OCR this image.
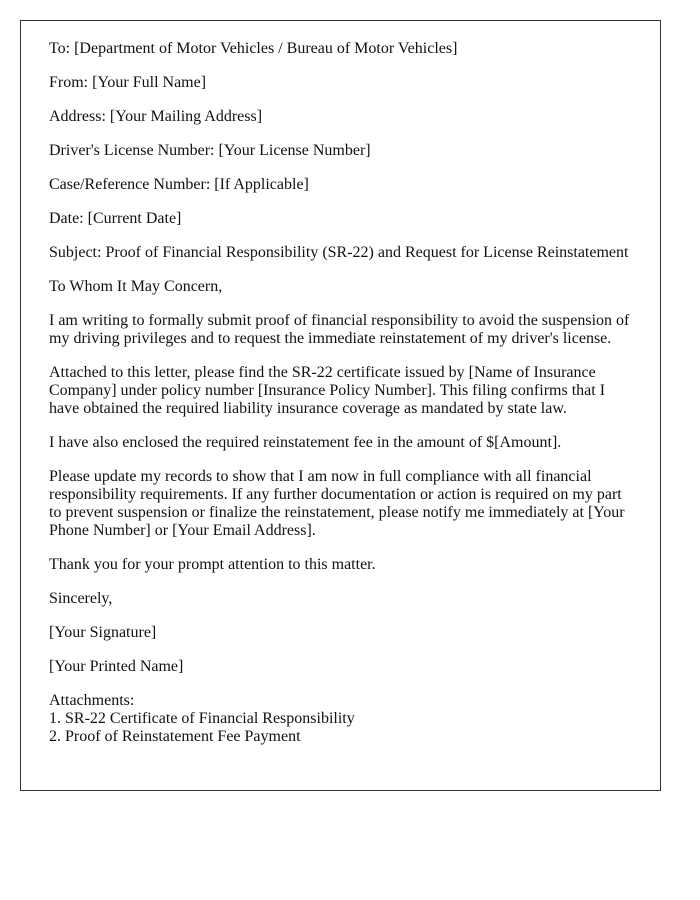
To: [Department of Motor Vehicles / Bureau of Motor Vehicles]

From: [Your Full Name]

Address: [Your Mailing Address]

Driver's License Number: [Your License Number]

Case/Reference Number: [If Applicable]

Date: [Current Date]

Subject: Proof of Financial Responsibility (SR-22) and Request for License Reinstatement

To Whom It May Concern,

I am writing to formally submit proof of financial responsibility to avoid the suspension of my driving privileges and to request the immediate reinstatement of my driver's license.

Attached to this letter, please find the SR-22 certificate issued by [Name of Insurance Company] under policy number [Insurance Policy Number]. This filing confirms that I have obtained the required liability insurance coverage as mandated by state law.

I have also enclosed the required reinstatement fee in the amount of $[Amount].

Please update my records to show that I am now in full compliance with all financial responsibility requirements. If any further documentation or action is required on my part to prevent suspension or finalize the reinstatement, please notify me immediately at [Your Phone Number] or [Your Email Address].

Thank you for your prompt attention to this matter.

Sincerely,

[Your Signature]

[Your Printed Name]

Attachments:
1. SR-22 Certificate of Financial Responsibility
2. Proof of Reinstatement Fee Payment
